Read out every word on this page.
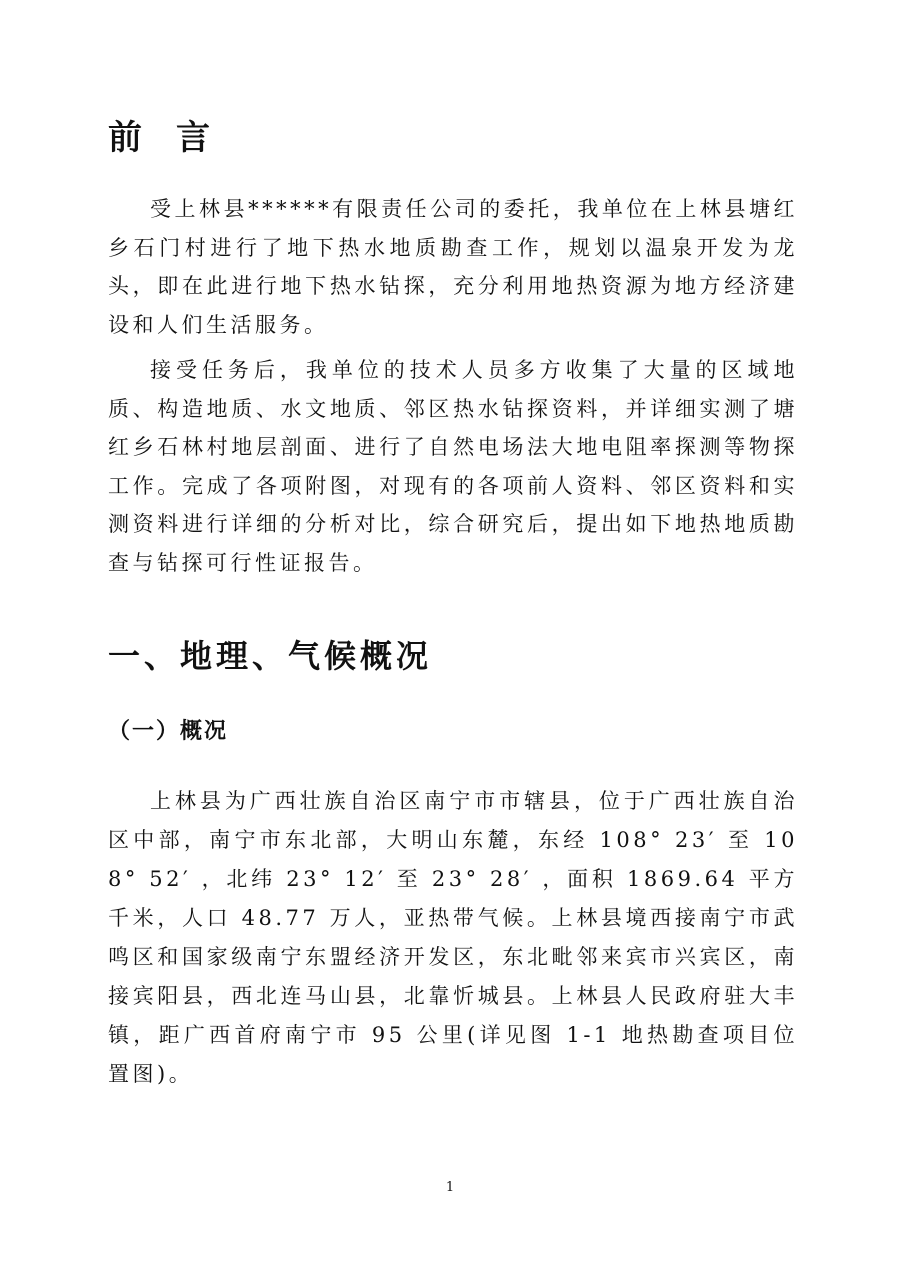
前言

受上林县******有限责任公司的委托，我单位在上林县塘红乡石门村进行了地下热水地质勘查工作，规划以温泉开发为龙头，即在此进行地下热水钻探，充分利用地热资源为地方经济建设和人们生活服务。

接受任务后，我单位的技术人员多方收集了大量的区域地质、构造地质、水文地质、邻区热水钻探资料，并详细实测了塘红乡石林村地层剖面、进行了自然电场法大地电阻率探测等物探工作。完成了各项附图，对现有的各项前人资料、邻区资料和实测资料进行详细的分析对比，综合研究后，提出如下地热地质勘查与钻探可行性证报告。

一、地理、气候概况
（一）概况

上林县为广西壮族自治区南宁市市辖县，位于广西壮族自治区中部，南宁市东北部，大明山东麓，东经 108° 23′ 至 108° 52′ ，北纬 23° 12′ 至 23° 28′ ，面积 1869.64 平方千米，人口 48.77 万人，亚热带气候。上林县境西接南宁市武鸣区和国家级南宁东盟经济开发区，东北毗邻来宾市兴宾区，南接宾阳县，西北连马山县，北靠忻城县。上林县人民政府驻大丰镇，距广西首府南宁市 95 公里(详见图 1-1 地热勘查项目位置图)。

1
